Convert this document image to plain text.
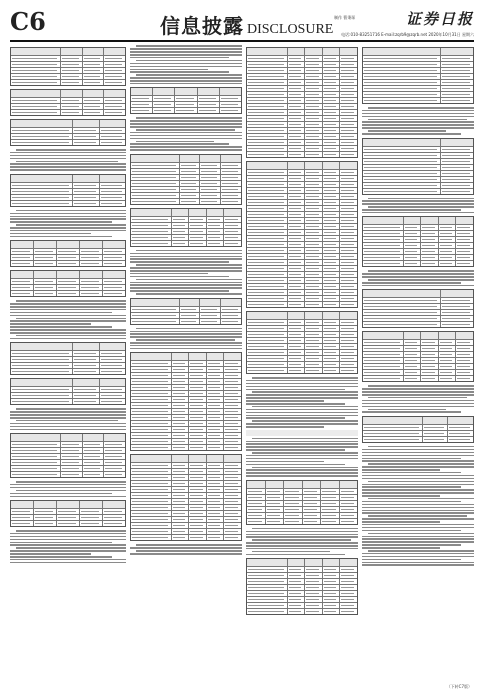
C6	信息披露 DISCLOSURE
制作 曹秉琛	证券日报
电话:010-83251716 E-mail:zqrb9@zqrb.net 2020年10月31日 星期六
（下转C7版）
